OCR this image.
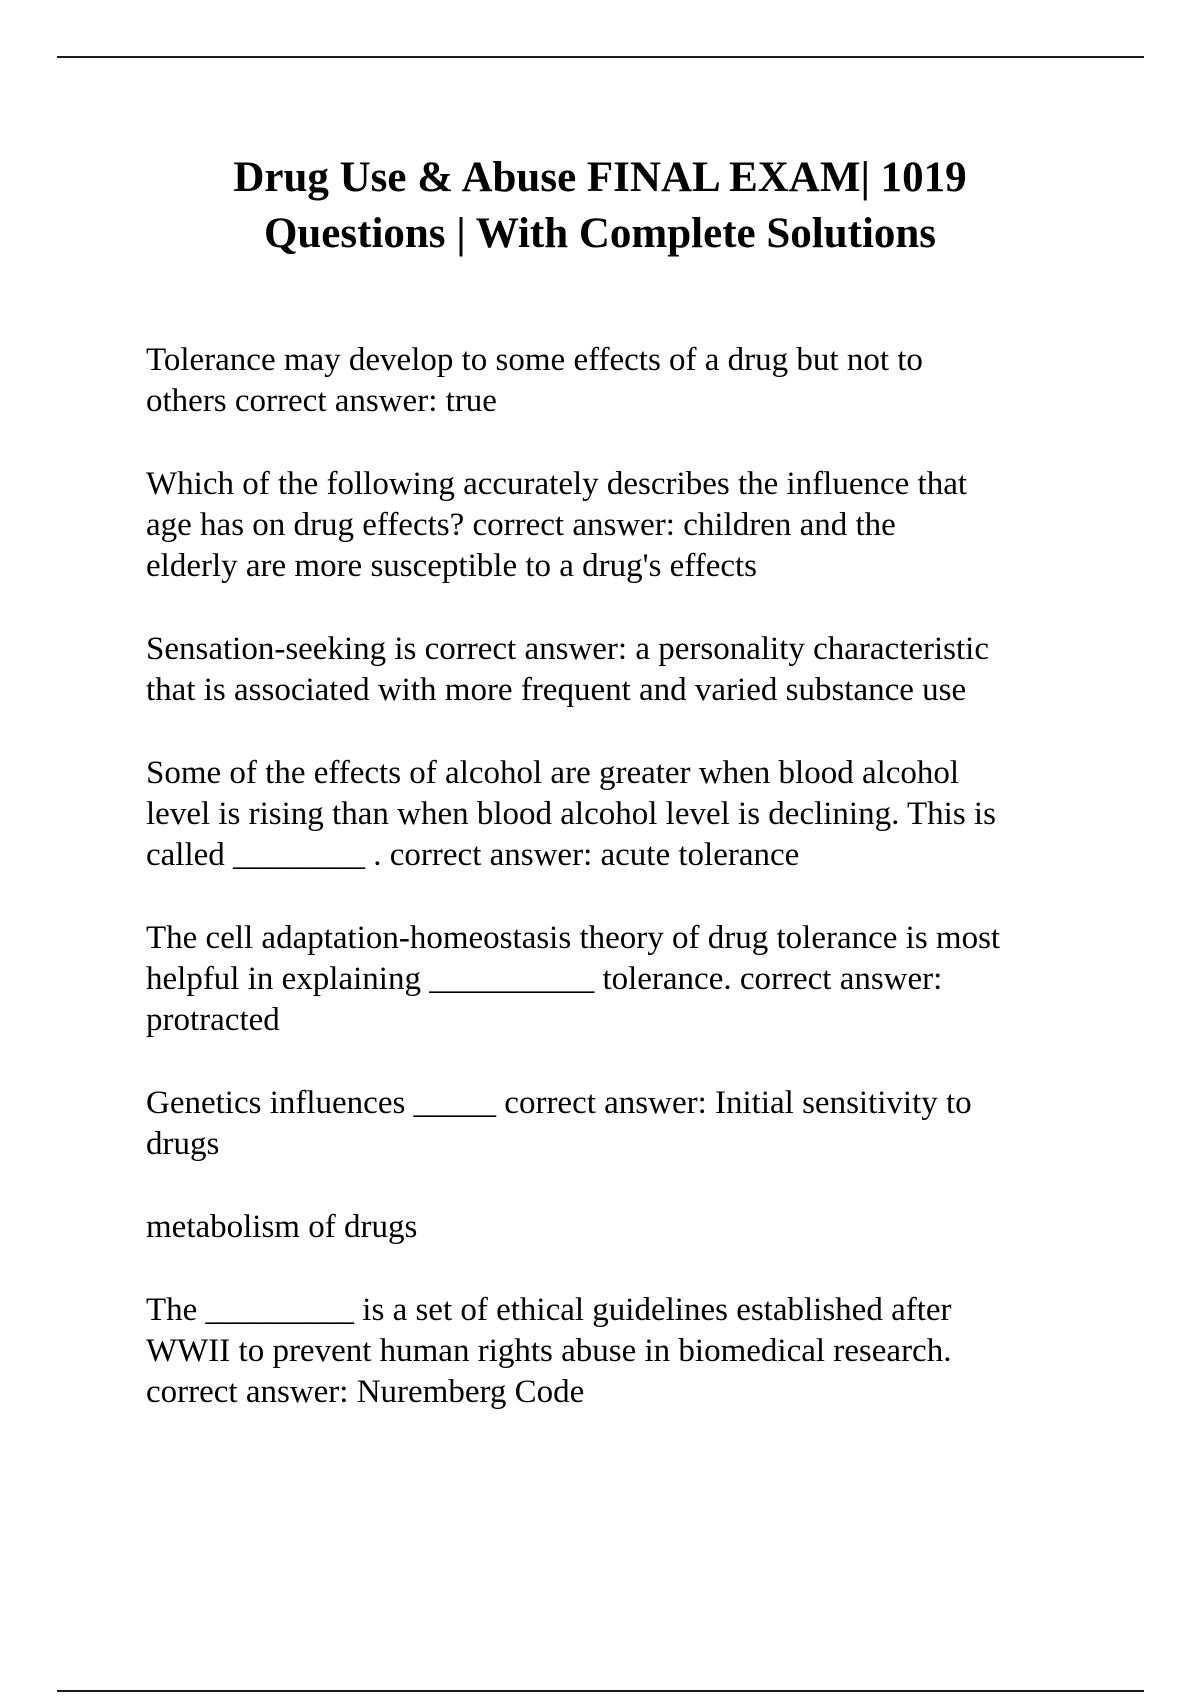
Drug Use & Abuse FINAL EXAM| 1019
Questions | With Complete Solutions

Tolerance may develop to some effects of a drug but not to
others correct answer: true

Which of the following accurately describes the influence that
age has on drug effects? correct answer: children and the
elderly are more susceptible to a drug's effects

Sensation-seeking is correct answer: a personality characteristic
that is associated with more frequent and varied substance use

Some of the effects of alcohol are greater when blood alcohol
level is rising than when blood alcohol level is declining. This is
called ________ . correct answer: acute tolerance

The cell adaptation-homeostasis theory of drug tolerance is most
helpful in explaining __________ tolerance. correct answer:
protracted

Genetics influences _____ correct answer: Initial sensitivity to
drugs

metabolism of drugs

The _________ is a set of ethical guidelines established after
WWII to prevent human rights abuse in biomedical research.
correct answer: Nuremberg Code
